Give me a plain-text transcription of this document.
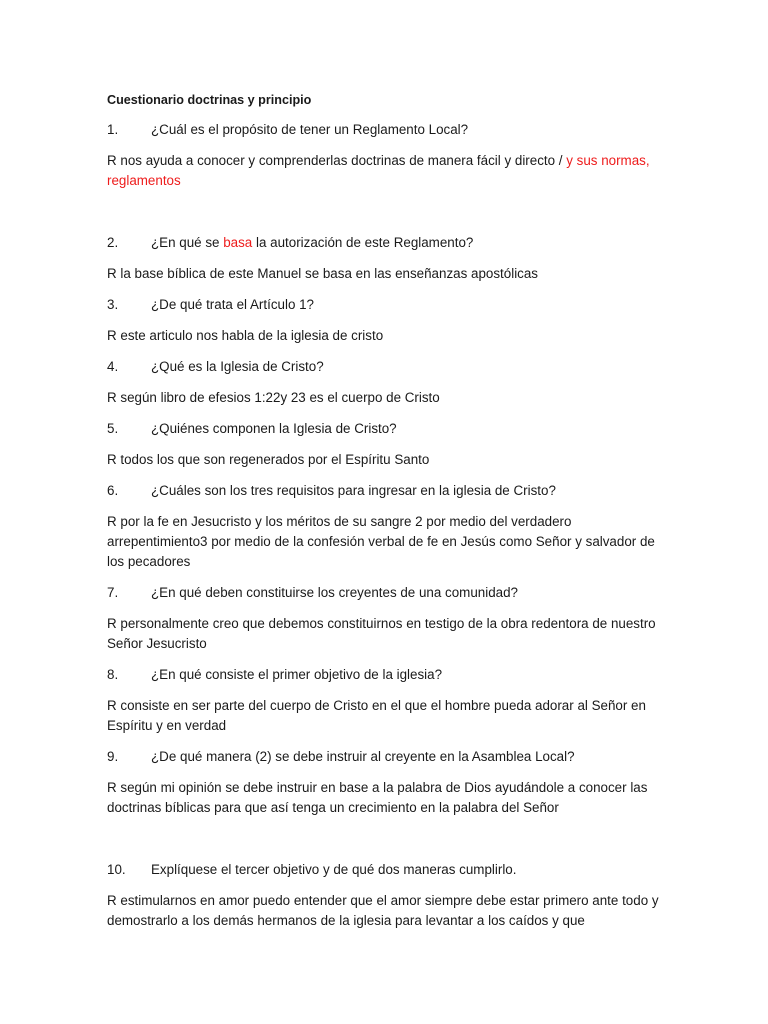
Cuestionario doctrinas y principio

1. ¿Cuál es el propósito de tener un Reglamento Local?

R nos ayuda a conocer y comprenderlas doctrinas de manera fácil y directo / y sus normas, reglamentos

2. ¿En qué se basa la autorización de este Reglamento?

R la base bíblica de este Manuel se basa en las enseñanzas apostólicas

3. ¿De qué trata el Artículo 1?

R este articulo nos habla de la iglesia de cristo

4. ¿Qué es la Iglesia de Cristo?

R según libro de efesios 1:22y 23 es el cuerpo de Cristo

5. ¿Quiénes componen la Iglesia de Cristo?

R todos los que son regenerados por el Espíritu Santo

6. ¿Cuáles son los tres requisitos para ingresar en la iglesia de Cristo?

R por la fe en Jesucristo y los méritos de su sangre 2 por medio del verdadero arrepentimiento3 por medio de la confesión verbal de fe en Jesús como Señor y salvador de los pecadores

7. ¿En qué deben constituirse los creyentes de una comunidad?

R personalmente creo que debemos constituirnos en testigo de la obra redentora de nuestro Señor Jesucristo

8. ¿En qué consiste el primer objetivo de la iglesia?

R consiste en ser parte del cuerpo de Cristo en el que el hombre pueda adorar al Señor en Espíritu y en verdad

9. ¿De qué manera (2) se debe instruir al creyente en la Asamblea Local?

R según mi opinión se debe instruir en base a la palabra de Dios ayudándole a conocer las doctrinas bíblicas para que así tenga un crecimiento en la palabra del Señor

10. Explíquese el tercer objetivo y de qué dos maneras cumplirlo.

R estimularnos en amor puedo entender que el amor siempre debe estar primero ante todo y demostrarlo a los demás hermanos de la iglesia para levantar a los caídos y que
